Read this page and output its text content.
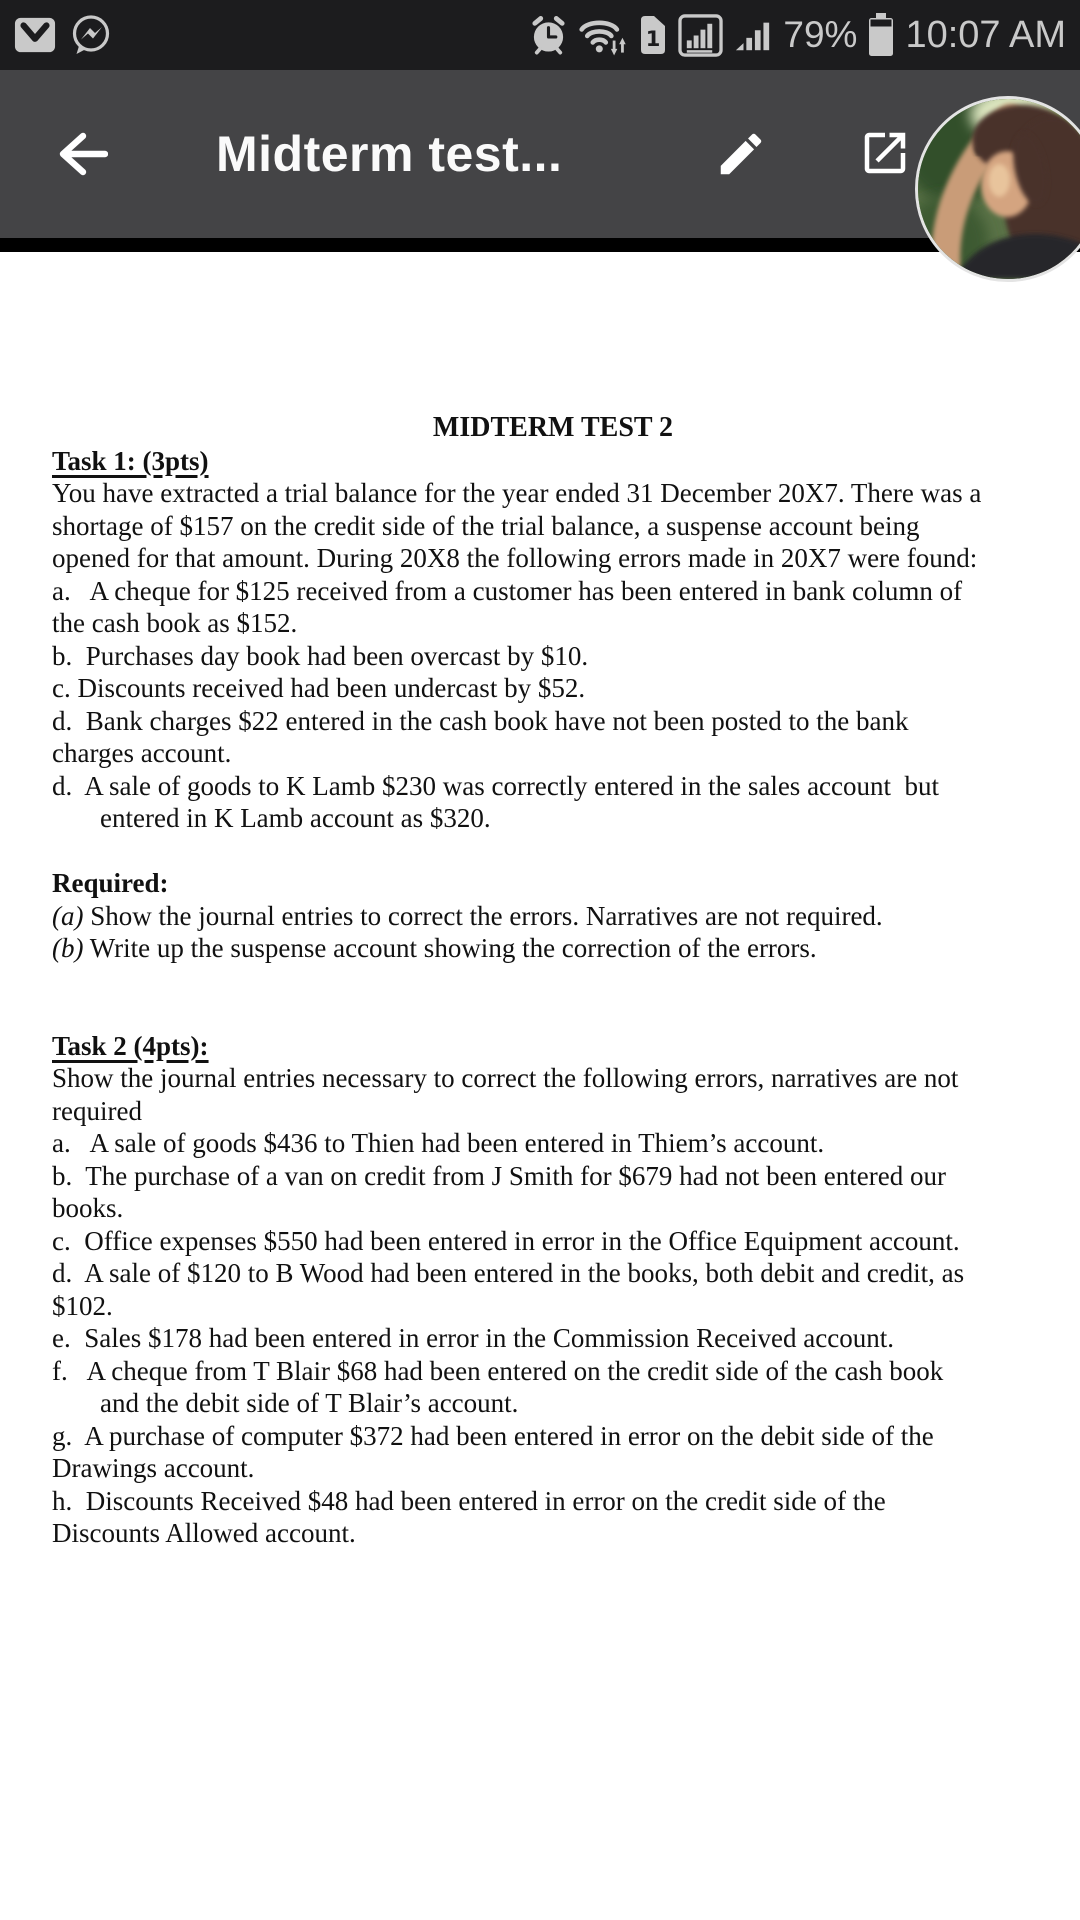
1	79% 10:07 AM
Midterm test...
MIDTERM TEST 2
Task 1: (3pts)
You have extracted a trial balance for the year ended 31 December 20X7. There was a
shortage of $157 on the credit side of the trial balance, a suspense account being
opened for that amount. During 20X8 the following errors made in 20X7 were found:
a.   A cheque for $125 received from a customer has been entered in bank column of
the cash book as $152.
b.  Purchases day book had been overcast by $10.
c. Discounts received had been undercast by $52.
d.  Bank charges $22 entered in the cash book have not been posted to the bank
charges account.
d.  A sale of goods to K Lamb $230 was correctly entered in the sales account  but
entered in K Lamb account as $320.
Required:
(a) Show the journal entries to correct the errors. Narratives are not required.
(b) Write up the suspense account showing the correction of the errors.
Task 2 (4pts):
Show the journal entries necessary to correct the following errors, narratives are not
required
a.   A sale of goods $436 to Thien had been entered in Thiem’s account.
b.  The purchase of a van on credit from J Smith for $679 had not been entered our
books.
c.  Office expenses $550 had been entered in error in the Office Equipment account.
d.  A sale of $120 to B Wood had been entered in the books, both debit and credit, as
$102.
e.  Sales $178 had been entered in error in the Commission Received account.
f.   A cheque from T Blair $68 had been entered on the credit side of the cash book
and the debit side of T Blair’s account.
g.  A purchase of computer $372 had been entered in error on the debit side of the
Drawings account.
h.  Discounts Received $48 had been entered in error on the credit side of the
Discounts Allowed account.
